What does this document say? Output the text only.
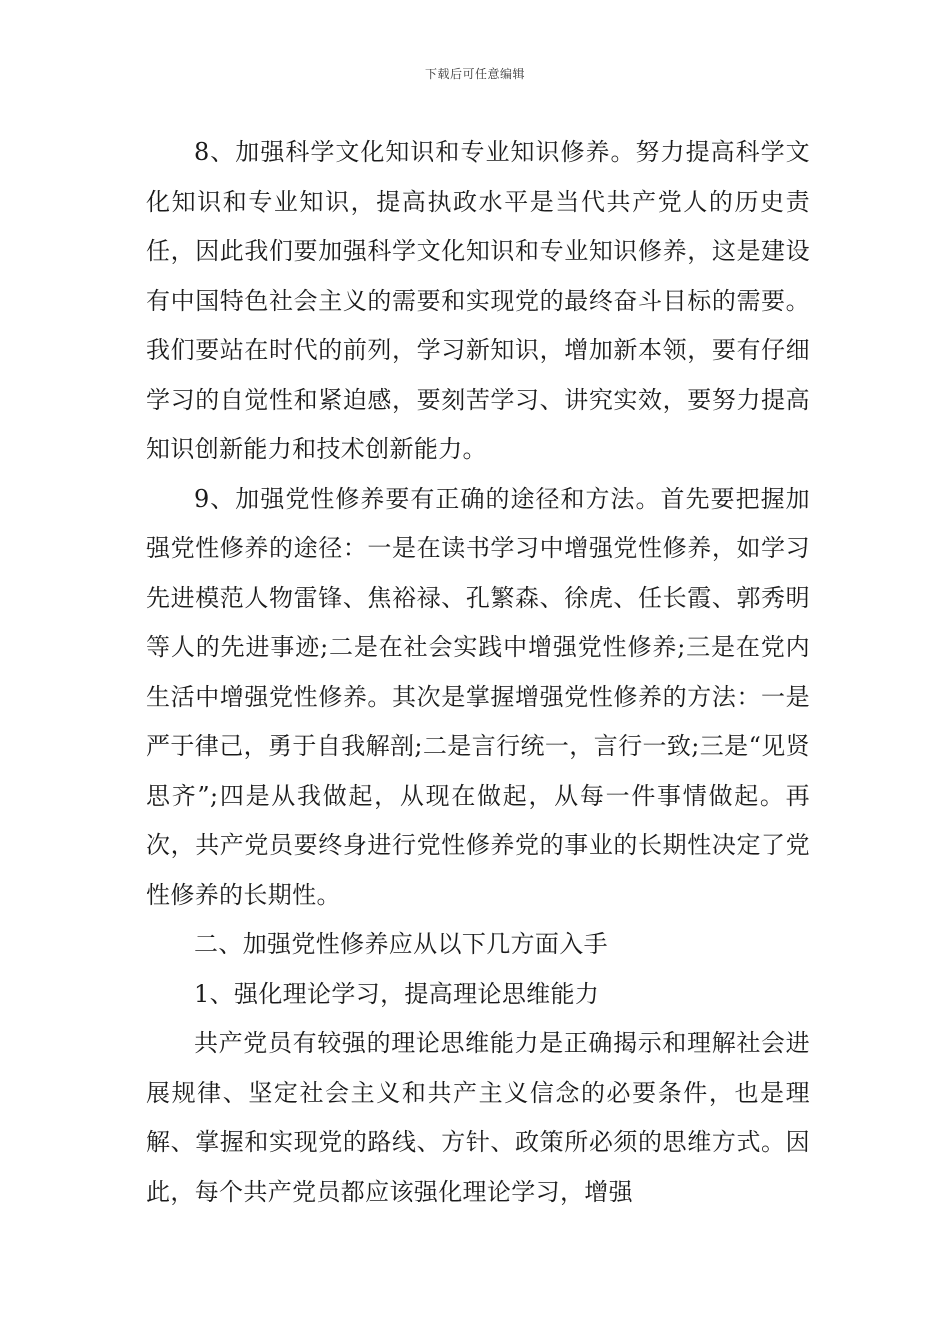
下载后可任意编辑

8、加强科学文化知识和专业知识修养。努力提高科学文化知识和专业知识，提高执政水平是当代共产党人的历史责任，因此我们要加强科学文化知识和专业知识修养，这是建设有中国特色社会主义的需要和实现党的最终奋斗目标的需要。我们要站在时代的前列，学习新知识，增加新本领，要有仔细学习的自觉性和紧迫感，要刻苦学习、讲究实效，要努力提高知识创新能力和技术创新能力。

9、加强党性修养要有正确的途径和方法。首先要把握加强党性修养的途径：一是在读书学习中增强党性修养，如学习先进模范人物雷锋、焦裕禄、孔繁森、徐虎、任长霞、郭秀明等人的先进事迹;二是在社会实践中增强党性修养;三是在党内生活中增强党性修养。其次是掌握增强党性修养的方法：一是严于律己，勇于自我解剖;二是言行统一，言行一致;三是“见贤思齐”;四是从我做起，从现在做起，从每一件事情做起。再次，共产党员要终身进行党性修养党的事业的长期性决定了党性修养的长期性。

二、加强党性修养应从以下几方面入手

1、强化理论学习，提高理论思维能力

共产党员有较强的理论思维能力是正确揭示和理解社会进展规律、坚定社会主义和共产主义信念的必要条件，也是理解、掌握和实现党的路线、方针、政策所必须的思维方式。因此，每个共产党员都应该强化理论学习，增强
